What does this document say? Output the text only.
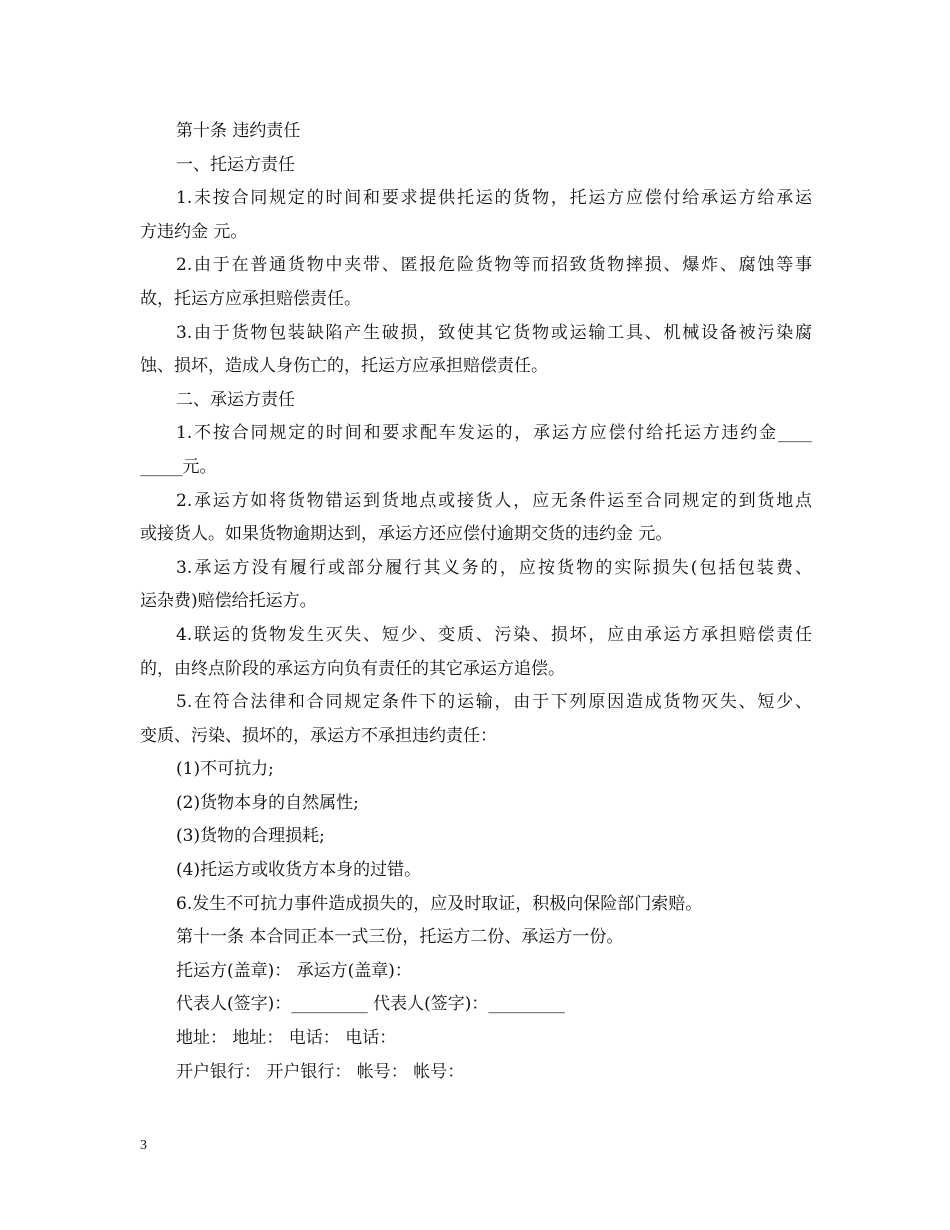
第十条 违约责任
一、托运方责任
1.未按合同规定的时间和要求提供托运的货物，托运方应偿付给承运方给承运
方违约金 元。
2.由于在普通货物中夹带、匿报危险货物等而招致货物摔损、爆炸、腐蚀等事
故，托运方应承担赔偿责任。
3.由于货物包装缺陷产生破损，致使其它货物或运输工具、机械设备被污染腐
蚀、损坏，造成人身伤亡的，托运方应承担赔偿责任。
二、承运方责任
1.不按合同规定的时间和要求配车发运的，承运方应偿付给托运方违约金____
_____元。
2.承运方如将货物错运到货地点或接货人，应无条件运至合同规定的到货地点
或接货人。如果货物逾期达到，承运方还应偿付逾期交货的违约金 元。
3.承运方没有履行或部分履行其义务的，应按货物的实际损失(包括包装费、
运杂费)赔偿给托运方。
4.联运的货物发生灭失、短少、变质、污染、损坏，应由承运方承担赔偿责任
的，由终点阶段的承运方向负有责任的其它承运方追偿。
5.在符合法律和合同规定条件下的运输，由于下列原因造成货物灭失、短少、
变质、污染、损坏的，承运方不承担违约责任：
(1)不可抗力;
(2)货物本身的自然属性;
(3)货物的合理损耗;
(4)托运方或收货方本身的过错。
6.发生不可抗力事件造成损失的，应及时取证，积极向保险部门索赔。
第十一条 本合同正本一式三份，托运方二份、承运方一份。
托运方(盖章)： 承运方(盖章)：
代表人(签字)：_________ 代表人(签字)：_________
地址： 地址： 电话： 电话：
开户银行： 开户银行： 帐号： 帐号：
3
